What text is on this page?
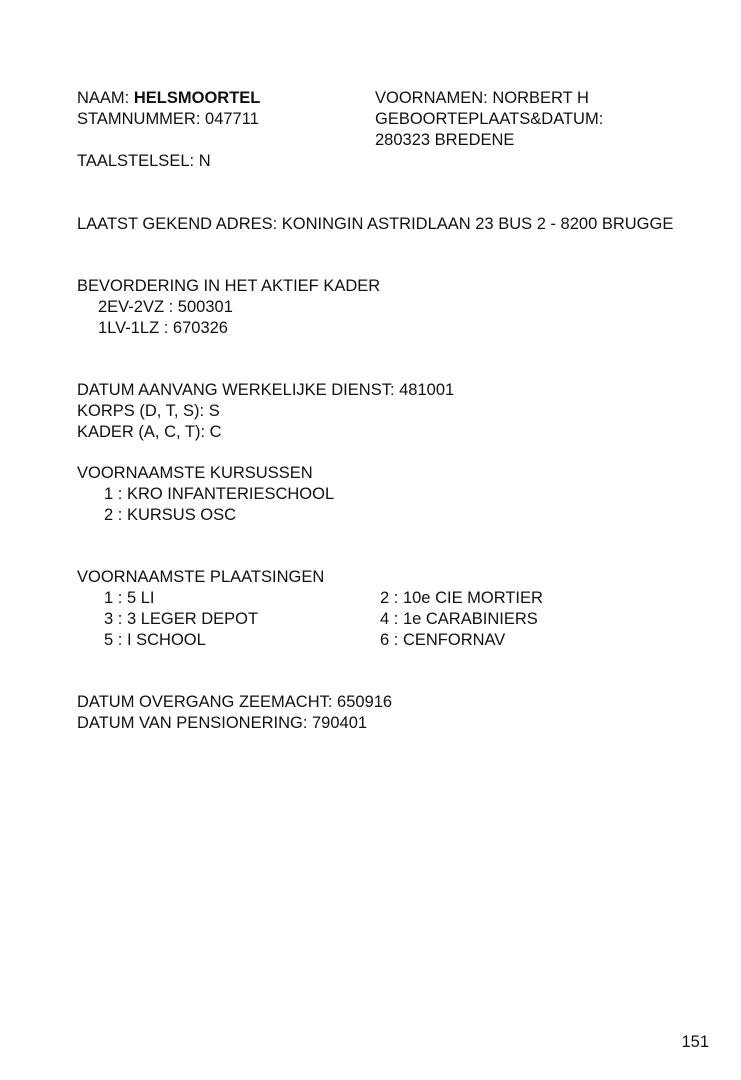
NAAM: HELSMOORTEL
STAMNUMMER: 047711
TAALSTELSEL: N
VOORNAMEN: NORBERT H
GEBOORTEPLAATS&DATUM:
280323 BREDENE
LAATST GEKEND ADRES: KONINGIN ASTRIDLAAN 23 BUS 2 - 8200 BRUGGE
BEVORDERING IN HET AKTIEF KADER
2EV-2VZ : 500301
1LV-1LZ : 670326
DATUM AANVANG WERKELIJKE DIENST: 481001
KORPS (D, T, S): S
KADER (A, C, T): C
VOORNAAMSTE KURSUSSEN
1 : KRO INFANTERIESCHOOL
2 : KURSUS OSC
VOORNAAMSTE PLAATSINGEN
1 : 5 LI	2 : 10e CIE MORTIER
3 : 3 LEGER DEPOT	4 : 1e CARABINIERS
5 : I SCHOOL	6 : CENFORNAV
DATUM OVERGANG ZEEMACHT: 650916
DATUM VAN PENSIONERING: 790401
151
